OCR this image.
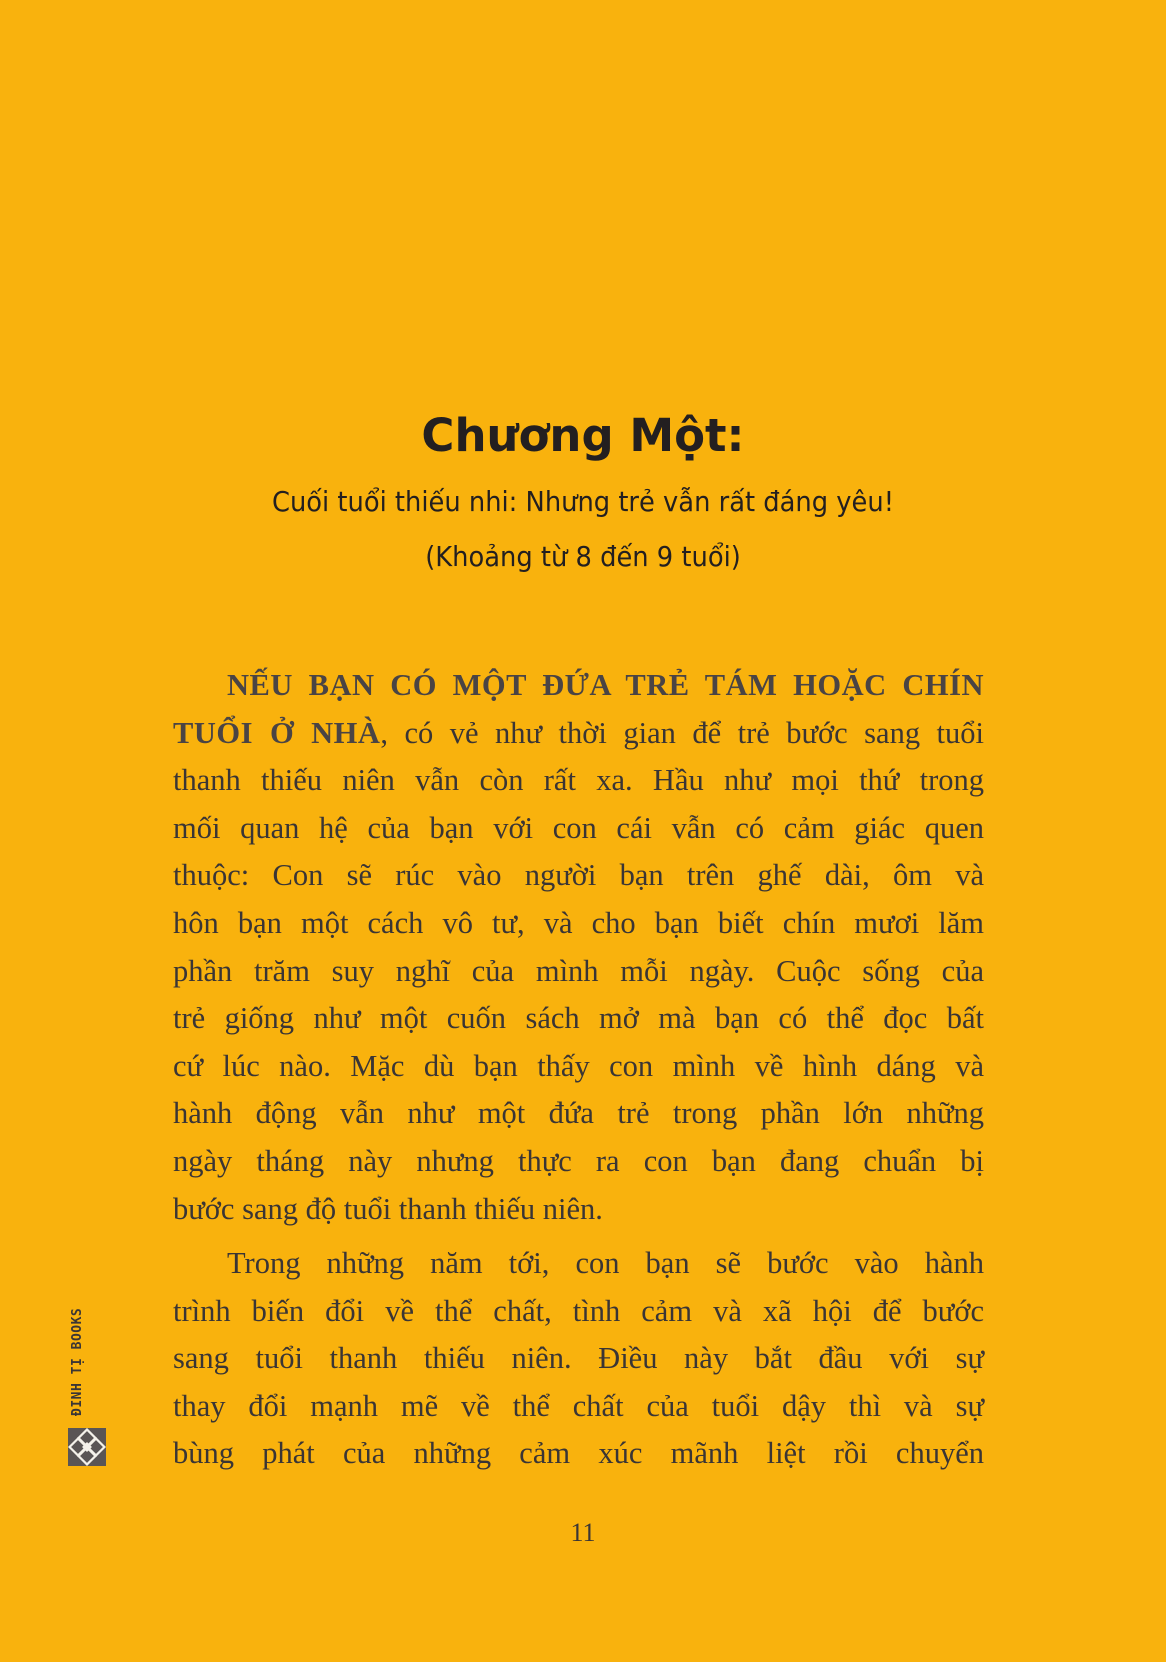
Chương Một:
Cuối tuổi thiếu nhi: Nhưng trẻ vẫn rất đáng yêu!
(Khoảng từ 8 đến 9 tuổi)
NẾU BẠN CÓ MỘT ĐỨA TRẺ TÁM HOẶC CHÍN
TUỔI Ở NHÀ, có vẻ như thời gian để trẻ bước sang tuổi
thanh thiếu niên vẫn còn rất xa. Hầu như mọi thứ trong
mối quan hệ của bạn với con cái vẫn có cảm giác quen
thuộc: Con sẽ rúc vào người bạn trên ghế dài, ôm và
hôn bạn một cách vô tư, và cho bạn biết chín mươi lăm
phần trăm suy nghĩ của mình mỗi ngày. Cuộc sống của
trẻ giống như một cuốn sách mở mà bạn có thể đọc bất
cứ lúc nào. Mặc dù bạn thấy con mình về hình dáng và
hành động vẫn như một đứa trẻ trong phần lớn những
ngày tháng này nhưng thực ra con bạn đang chuẩn bị
bước sang độ tuổi thanh thiếu niên.
Trong những năm tới, con bạn sẽ bước vào hành
trình biến đổi về thể chất, tình cảm và xã hội để bước
sang tuổi thanh thiếu niên. Điều này bắt đầu với sự
thay đổi mạnh mẽ về thể chất của tuổi dậy thì và sự
bùng phát của những cảm xúc mãnh liệt rồi chuyển
11
ĐINH TỊ BOOKS
